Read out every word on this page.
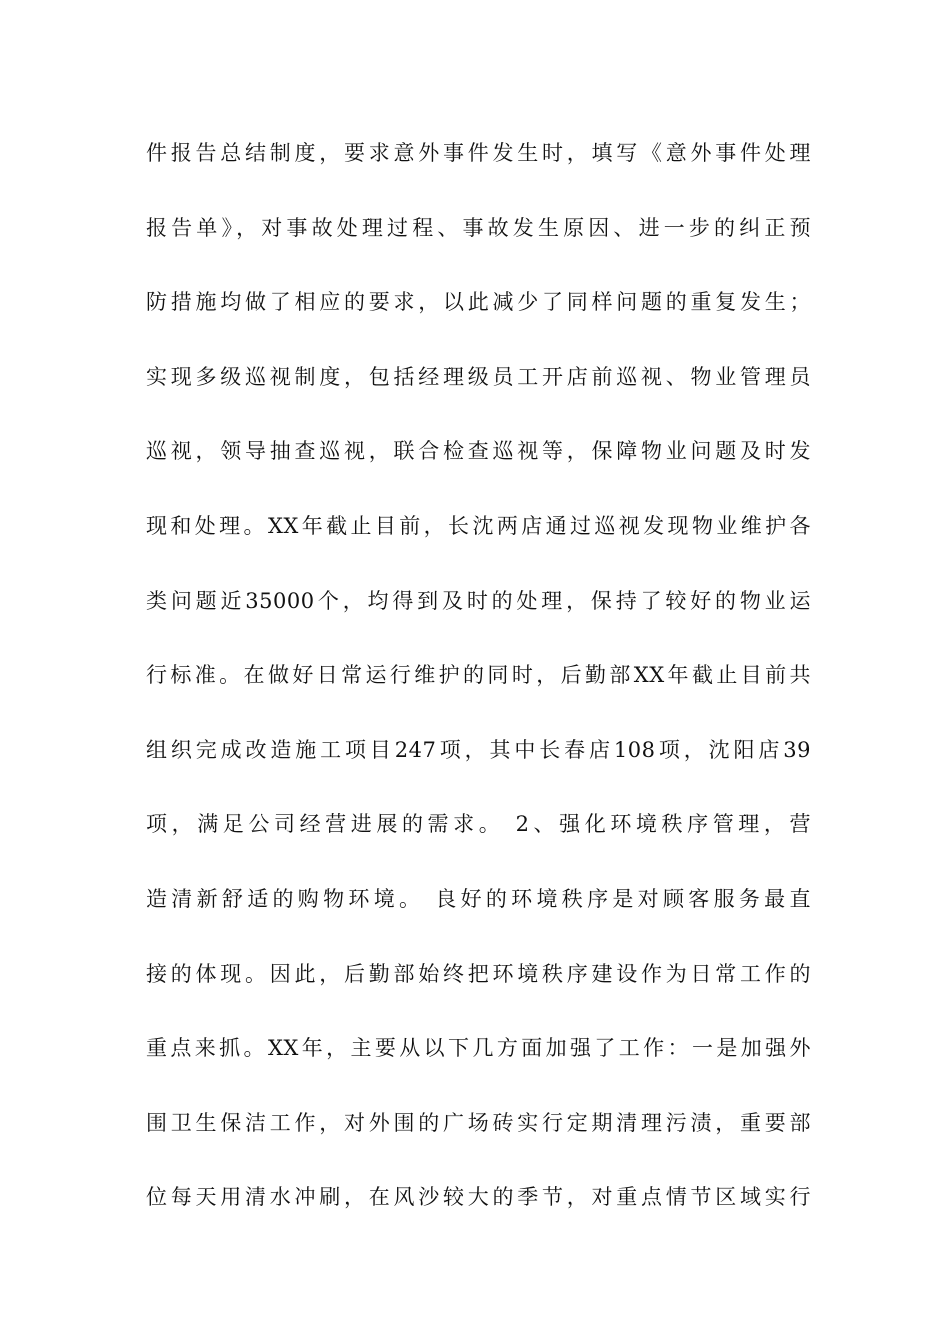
件报告总结制度，要求意外事件发生时，填写《意外事件处理
报告单》，对事故处理过程、事故发生原因、进一步的纠正预
防措施均做了相应的要求，以此减少了同样问题的重复发生；
实现多级巡视制度，包括经理级员工开店前巡视、物业管理员
巡视，领导抽查巡视，联合检查巡视等，保障物业问题及时发
现和处理。XX年截止目前，长沈两店通过巡视发现物业维护各
类问题近35000个，均得到及时的处理，保持了较好的物业运
行标准。在做好日常运行维护的同时，后勤部XX年截止目前共
组织完成改造施工项目247项，其中长春店108项，沈阳店39
项，满足公司经营进展的需求。 2、强化环境秩序管理，营
造清新舒适的购物环境。 良好的环境秩序是对顾客服务最直
接的体现。因此，后勤部始终把环境秩序建设作为日常工作的
重点来抓。XX年，主要从以下几方面加强了工作：一是加强外
围卫生保洁工作，对外围的广场砖实行定期清理污渍，重要部
位每天用清水冲刷，在风沙较大的季节，对重点情节区域实行
